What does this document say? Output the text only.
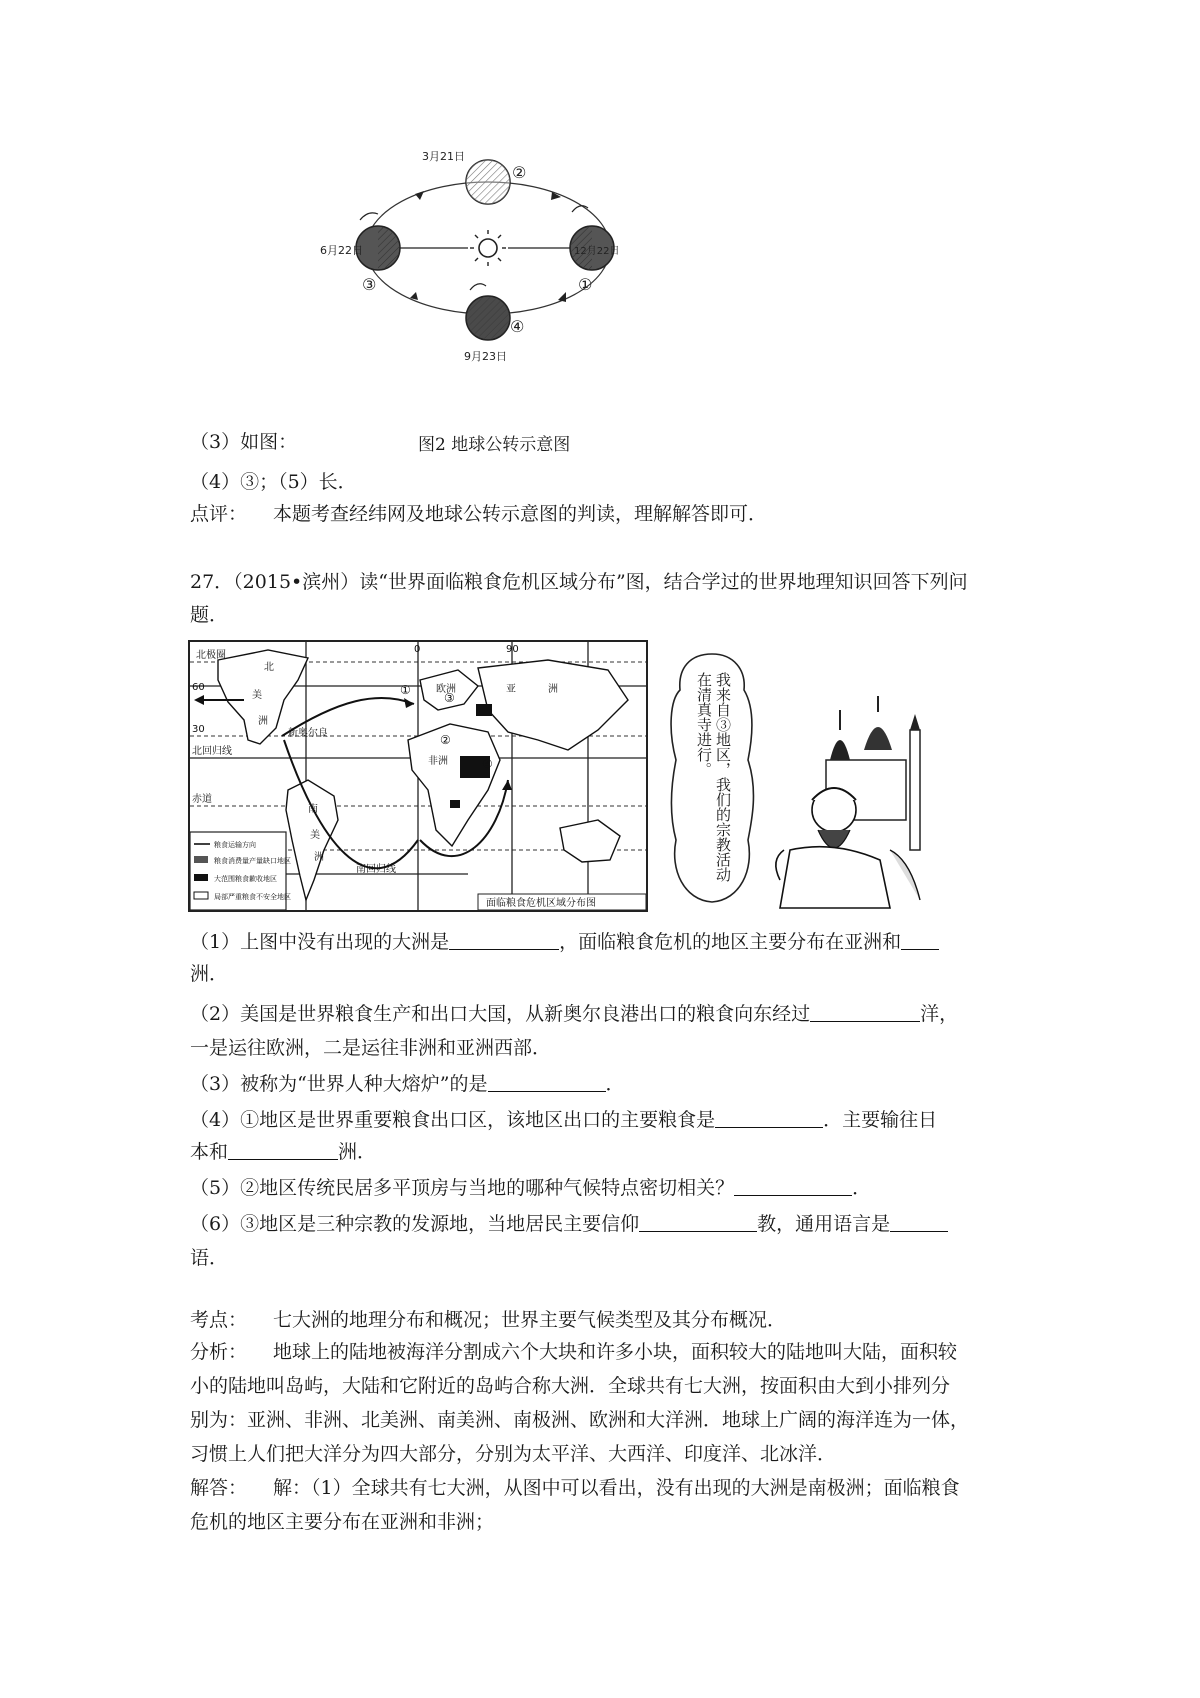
3月21日
6月22日	12月22日
9月23日
②
①
③
④
（3）如图：	图2 地球公转示意图
（4）③；（5）长．
点评： 本题考查经纬网及地球公转示意图的判读，理解解答即可．
27．（2015•滨州）读“世界面临粮食危机区域分布”图，结合学过的世界地理知识回答下列问
题．
北极圈
60
30
北回归线
赤道
0	90
北
美
洲
欧洲	亚	洲
非洲
南
美
洲
新奥尔良
南回归线
①
②
③
④
粮食运输方向
粮食消费量产量缺口地区
大范围粮食歉收地区
局部严重粮食不安全地区
面临粮食危机区域分布图
我来自③地区，我们的宗教活动在清真寺进行。
（1）上图中没有出现的大洲是	，面临粮食危机的地区主要分布在亚洲和
洲．
（2）美国是世界粮食生产和出口大国，从新奥尔良港出口的粮食向东经过	洋，
一是运往欧洲，二是运往非洲和亚洲西部．
（3）被称为“世界人种大熔炉”的是	．
（4）①地区是世界重要粮食出口区，该地区出口的主要粮食是	．主要输往日
本和	洲．
（5）②地区传统民居多平顶房与当地的哪种气候特点密切相关？	．
（6）③地区是三种宗教的发源地，当地居民主要信仰	教，通用语言是
语．
考点： 七大洲的地理分布和概况；世界主要气候类型及其分布概况．
分析： 地球上的陆地被海洋分割成六个大块和许多小块，面积较大的陆地叫大陆，面积较
小的陆地叫岛屿，大陆和它附近的岛屿合称大洲．全球共有七大洲，按面积由大到小排列分
别为：亚洲、非洲、北美洲、南美洲、南极洲、欧洲和大洋洲．地球上广阔的海洋连为一体，
习惯上人们把大洋分为四大部分，分别为太平洋、大西洋、印度洋、北冰洋．
解答： 解：（1）全球共有七大洲，从图中可以看出，没有出现的大洲是南极洲；面临粮食
危机的地区主要分布在亚洲和非洲；
